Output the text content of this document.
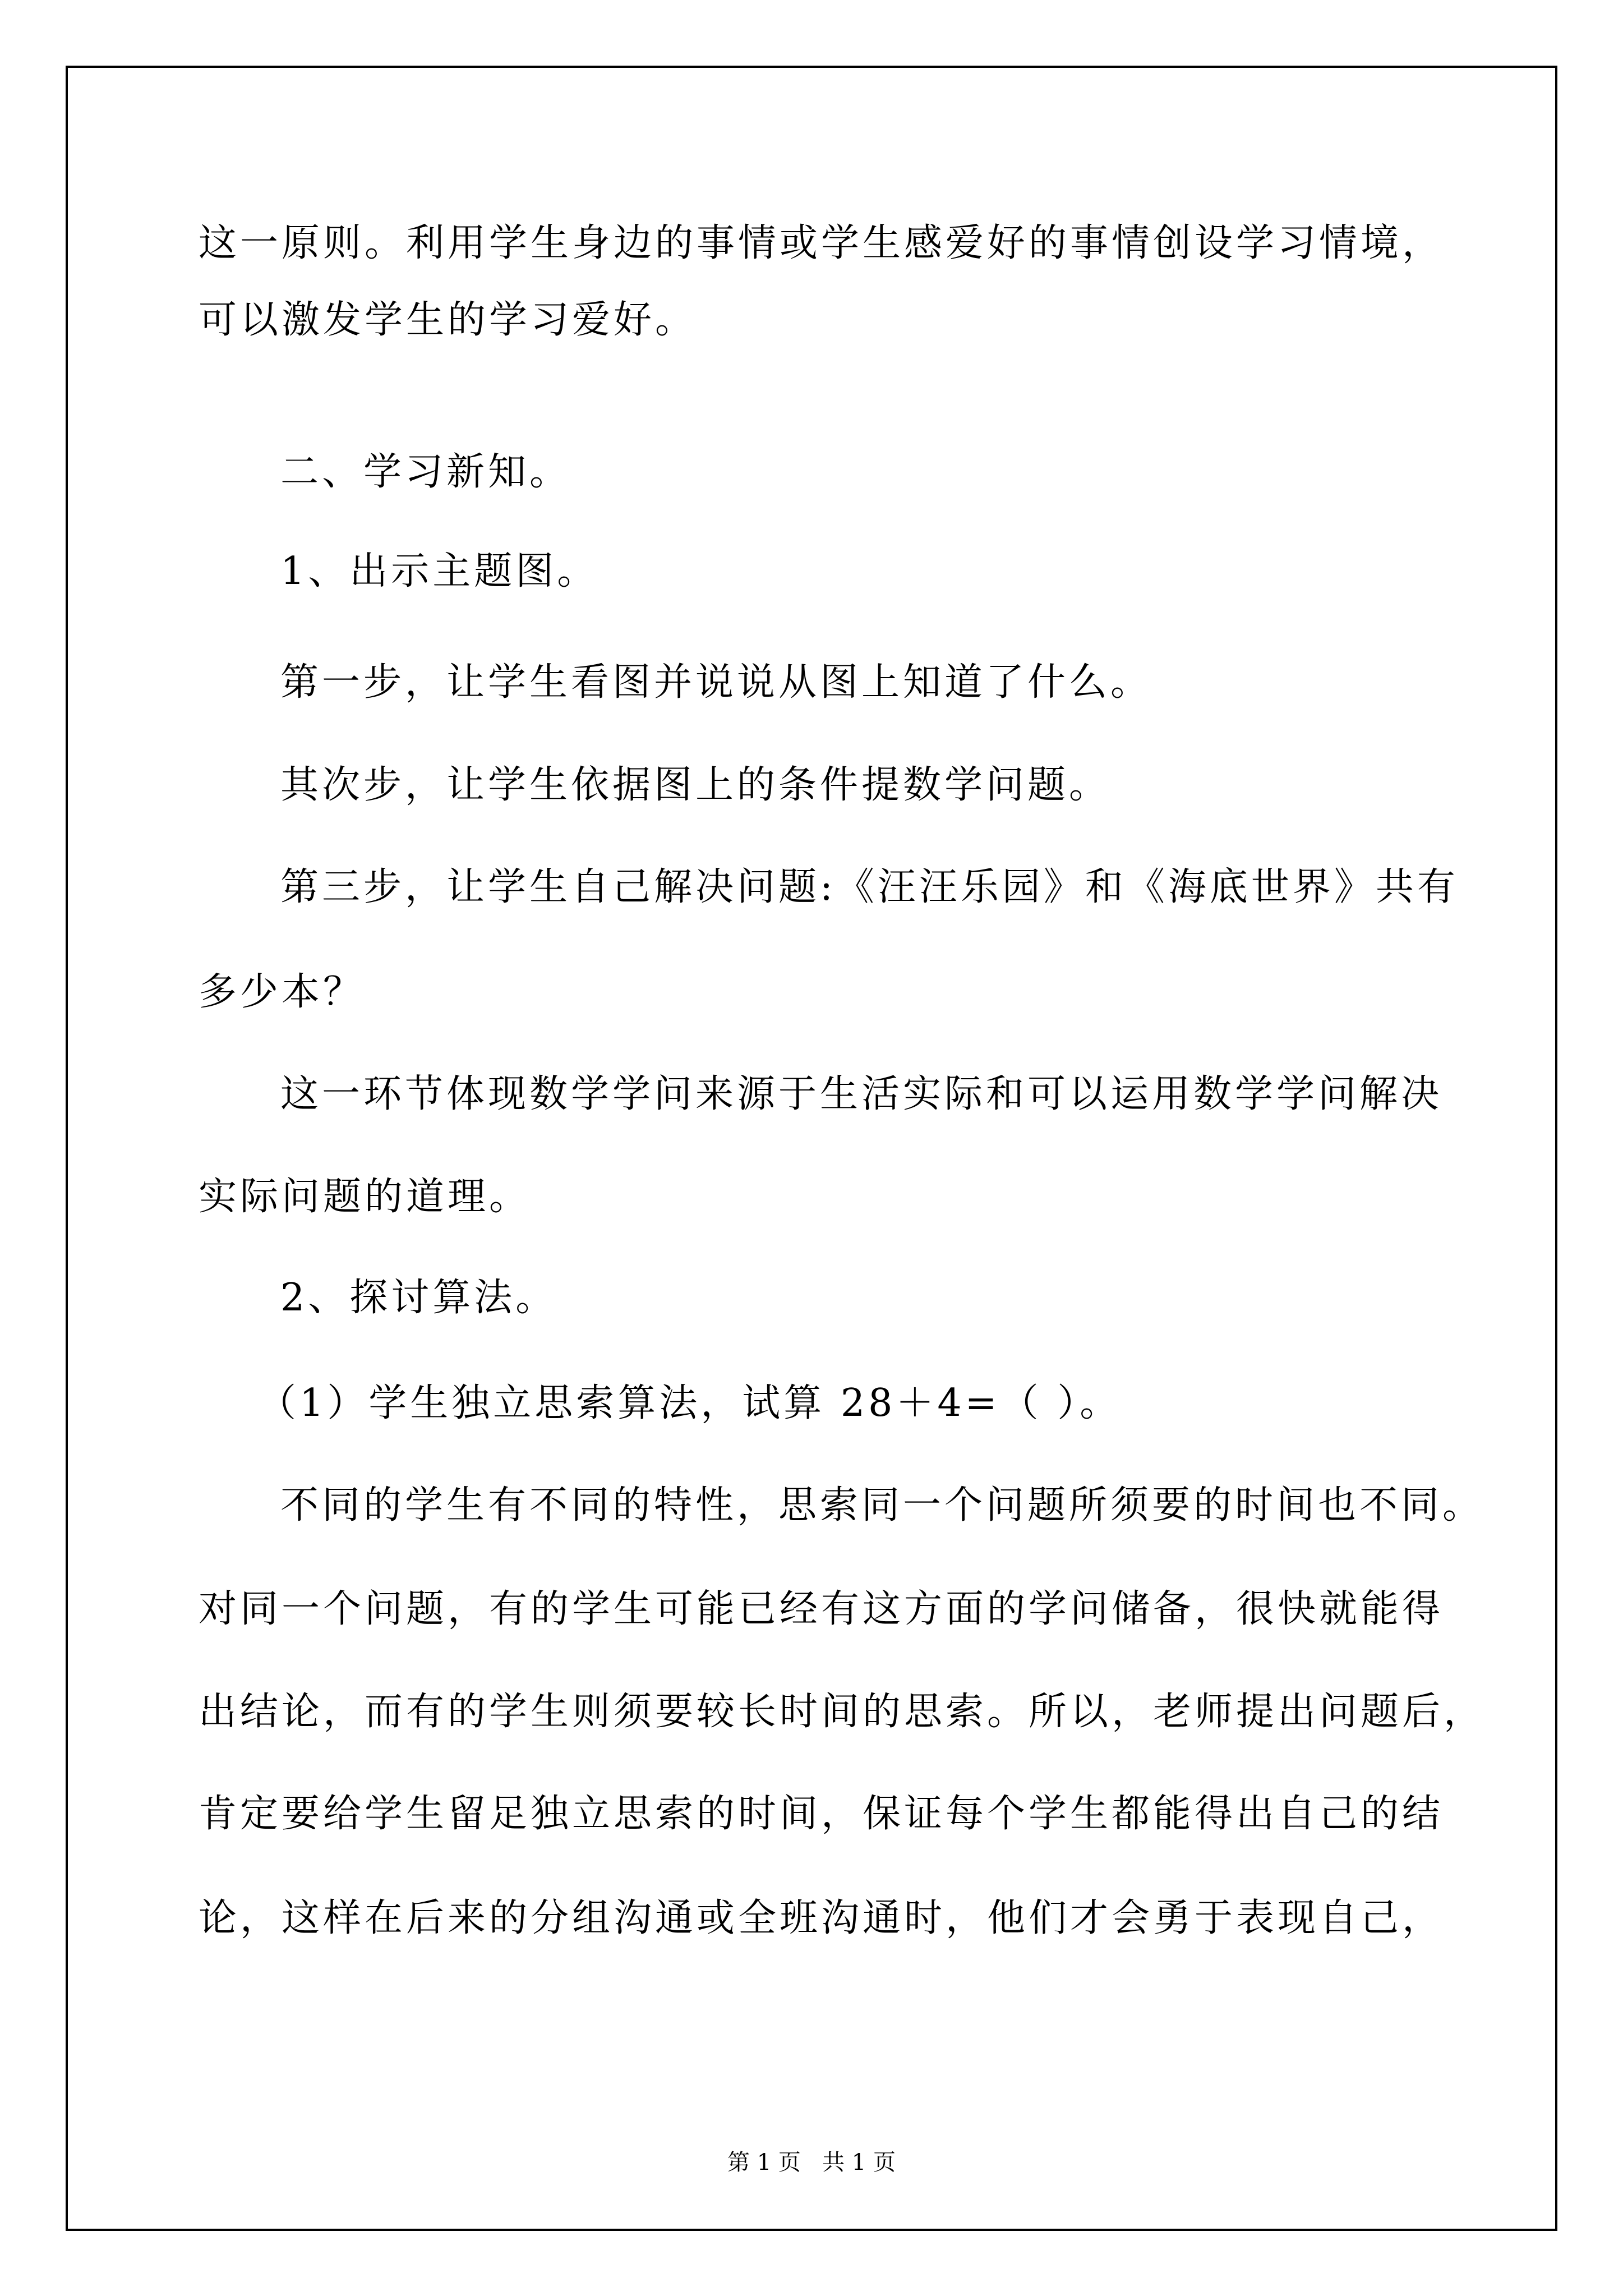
这一原则。利用学生身边的事情或学生感爱好的事情创设学习情境，

可以激发学生的学习爱好。

二、学习新知。

1、出示主题图。

第一步，让学生看图并说说从图上知道了什么。

其次步，让学生依据图上的条件提数学问题。

第三步，让学生自己解决问题:《汪汪乐园》和《海底世界》共有

多少本？

这一环节体现数学学问来源于生活实际和可以运用数学学问解决

实际问题的道理。

2、探讨算法。

（1）学生独立思索算法，试算 28＋4=（ ）。

不同的学生有不同的特性，思索同一个问题所须要的时间也不同。

对同一个问题，有的学生可能已经有这方面的学问储备，很快就能得

出结论，而有的学生则须要较长时间的思索。所以，老师提出问题后，

肯定要给学生留足独立思索的时间，保证每个学生都能得出自己的结

论，这样在后来的分组沟通或全班沟通时，他们才会勇于表现自己，

第 1 页   共 1 页
